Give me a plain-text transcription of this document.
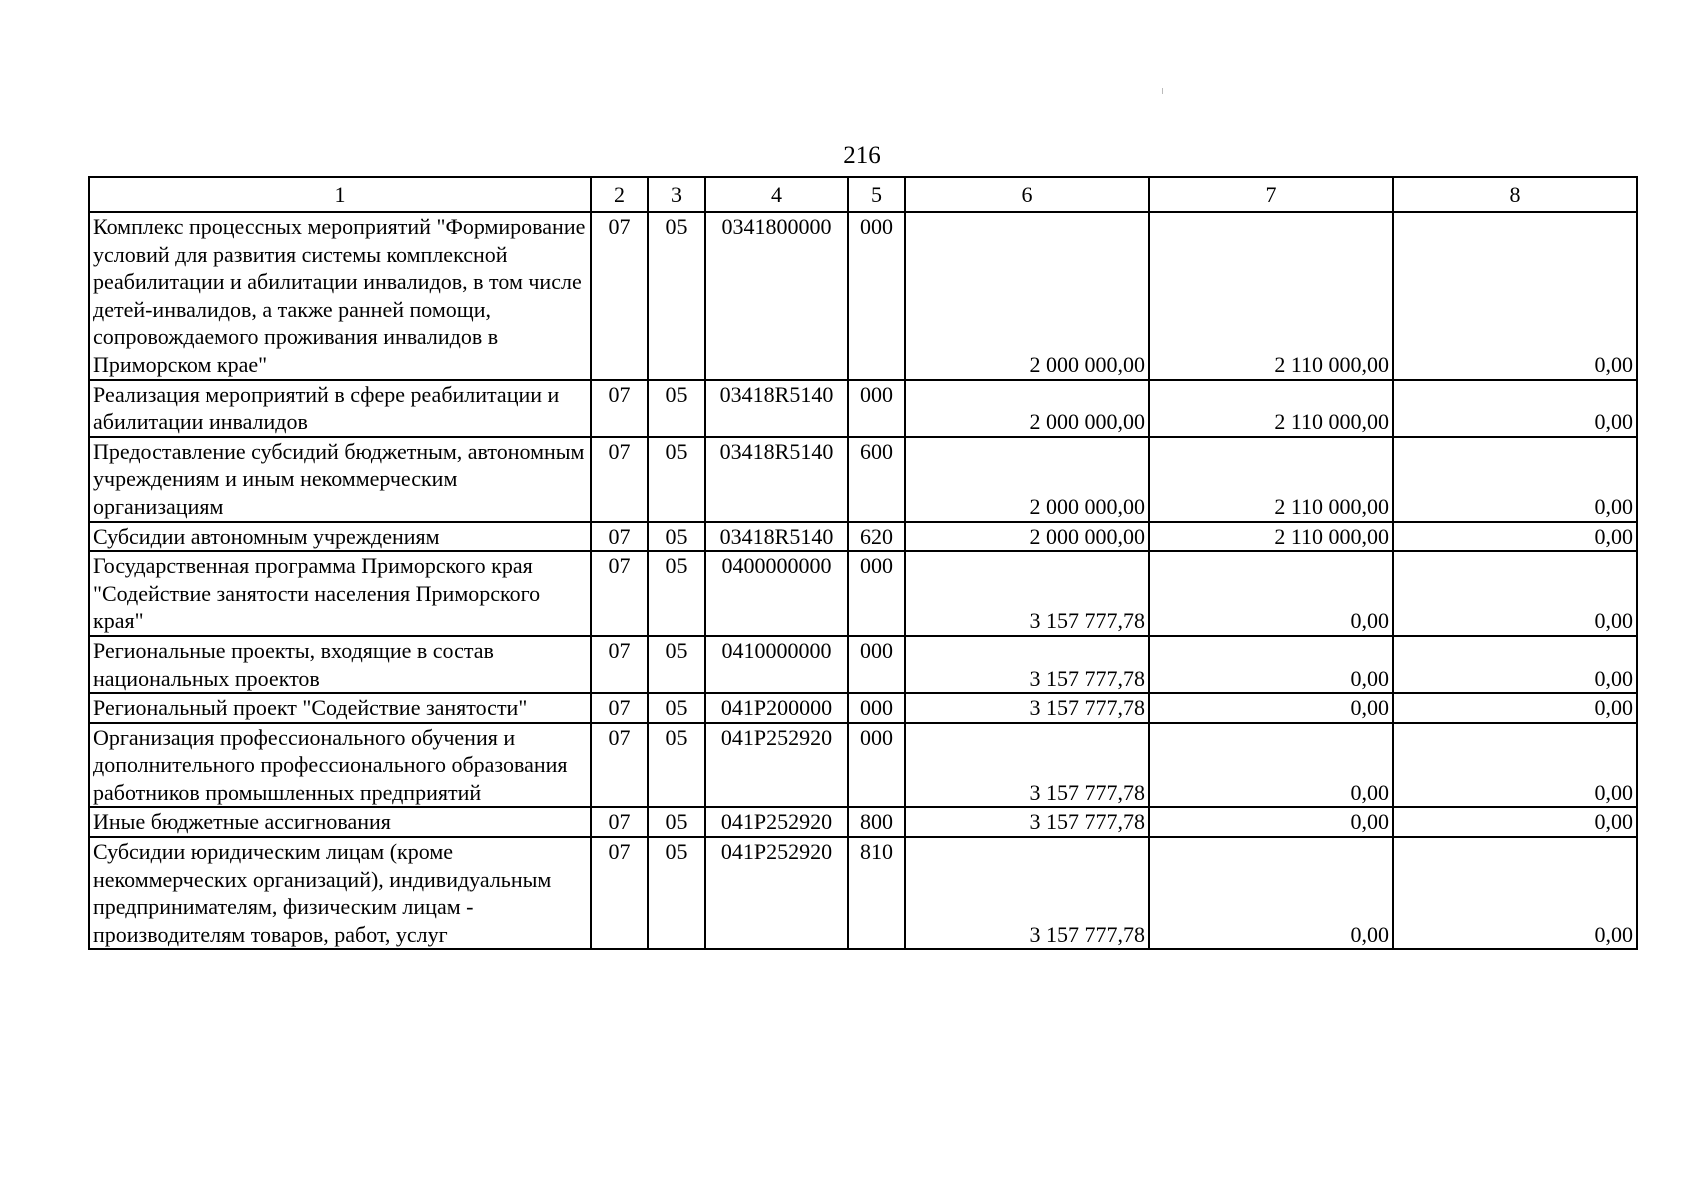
216
1	2	3	4	5	6	7	8
Комплекс процессных мероприятий "Формирование условий для развития системы комплексной реабилитации и абилитации инвалидов, в том числе детей-инвалидов, а также ранней помощи, сопровождаемого проживания инвалидов в Приморском крае"	07	05	0341800000	000	2 000 000,00	2 110 000,00	0,00
Реализация мероприятий в сфере реабилитации и абилитации инвалидов	07	05	03418R5140	000	2 000 000,00	2 110 000,00	0,00
Предоставление субсидий бюджетным, автономным учреждениям и иным некоммерческим организациям	07	05	03418R5140	600	2 000 000,00	2 110 000,00	0,00
Субсидии автономным учреждениям	07	05	03418R5140	620	2 000 000,00	2 110 000,00	0,00
Государственная программа Приморского края "Содействие занятости населения Приморского края"	07	05	0400000000	000	3 157 777,78	0,00	0,00
Региональные проекты, входящие в состав национальных проектов	07	05	0410000000	000	3 157 777,78	0,00	0,00
Региональный проект "Содействие занятости"	07	05	041P200000	000	3 157 777,78	0,00	0,00
Организация профессионального обучения и дополнительного профессионального образования работников промышленных предприятий	07	05	041P252920	000	3 157 777,78	0,00	0,00
Иные бюджетные ассигнования	07	05	041P252920	800	3 157 777,78	0,00	0,00
Субсидии юридическим лицам (кроме некоммерческих организаций), индивидуальным предпринимателям, физическим лицам - производителям товаров, работ, услуг	07	05	041P252920	810	3 157 777,78	0,00	0,00
